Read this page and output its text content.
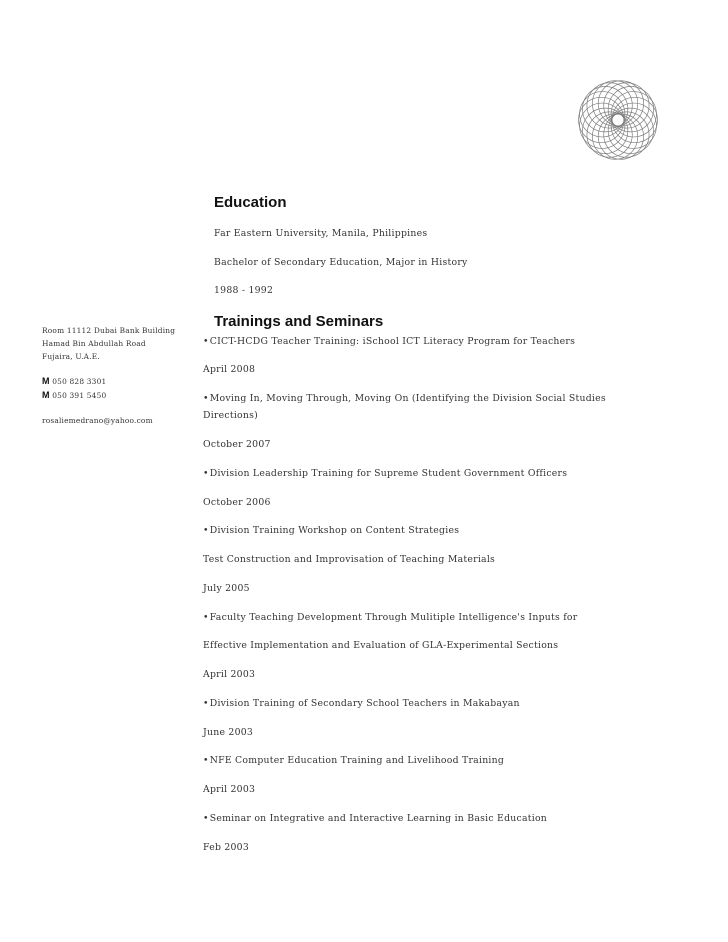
Education
Far Eastern University, Manila, Philippines
Bachelor of Secondary Education, Major in History
1988 - 1992
Trainings and Seminars
•CICT-HCDG Teacher Training: iSchool ICT Literacy Program for Teachers
April 2008
•Moving In, Moving Through, Moving On (Identifying the Division Social Studies
Directions)
October 2007
•Division Leadership Training for Supreme Student Government Officers
October 2006
•Division Training Workshop on Content Strategies
Test Construction and Improvisation of Teaching Materials
July 2005
•Faculty Teaching Development Through Mulitiple Intelligence's Inputs for
Effective Implementation and Evaluation of GLA-Experimental Sections
April 2003
•Division Training of Secondary School Teachers in Makabayan
June 2003
•NFE Computer Education Training and Livelihood Training
April 2003
•Seminar on Integrative and Interactive Learning in Basic Education
Feb 2003
Room 11112 Dubai Bank Building
Hamad Bin Abdullah Road
Fujaira, U.A.E.
M 050 828 3301
M 050 391 5450
rosaliemedrano@yahoo.com
